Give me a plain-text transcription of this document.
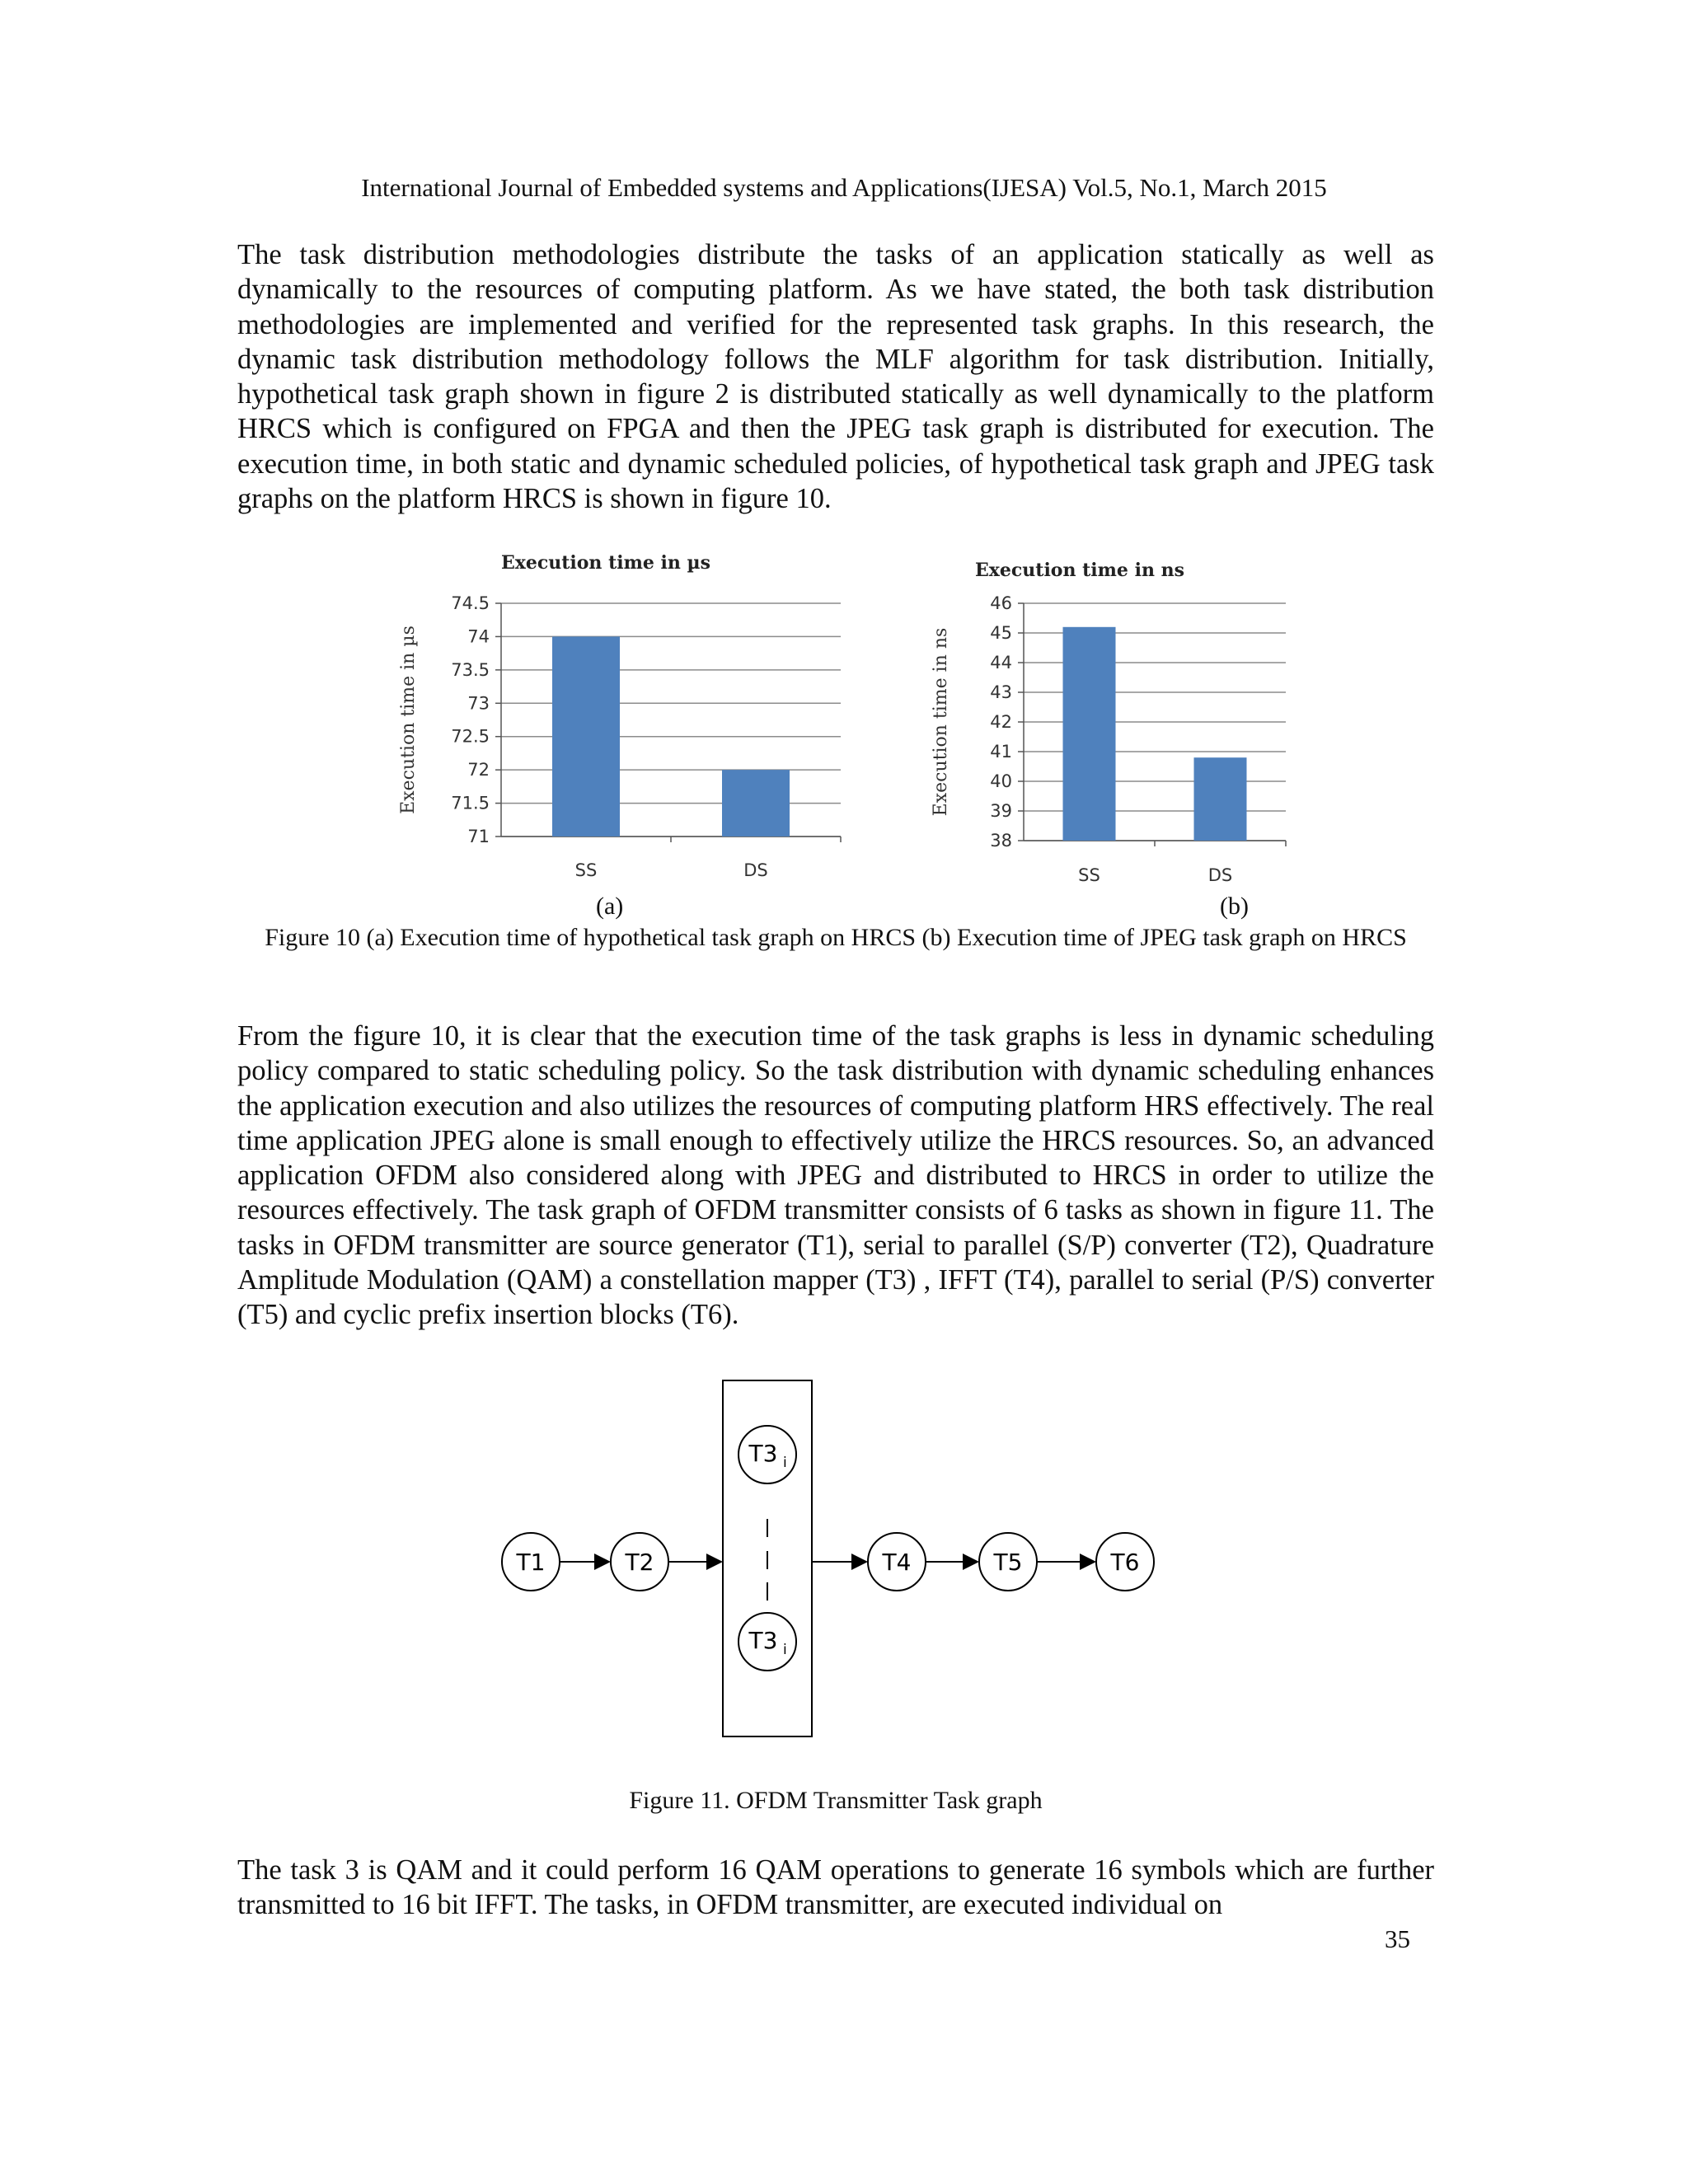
International Journal of Embedded systems and Applications(IJESA) Vol.5, No.1, March 2015

The task distribution methodologies distribute the tasks of an application statically as well as dynamically to the resources of computing platform. As we have stated, the both task distribution methodologies are implemented and verified for the represented task graphs. In this research, the dynamic task distribution methodology follows the MLF algorithm for task distribution. Initially, hypothetical task graph shown in figure 2 is distributed statically as well dynamically to the platform HRCS which is configured on FPGA and then the JPEG task graph is distributed for execution. The execution time, in both static and dynamic scheduled policies, of hypothetical task graph and JPEG task graphs on the platform HRCS is shown in figure 10.

Execution time in µs
71
71.5
72
72.5
73
73.5
74
74.5
SS	DS
Execution time in µs
Execution time in ns
38
39
40
41
42
43
44
45
46
SS	DS
Execution time in ns
(a)	(b)
Figure 10 (a) Execution time of hypothetical task graph on HRCS (b) Execution time of JPEG task graph on HRCS

From the figure 10, it is clear that the execution time of the task graphs is less in dynamic scheduling policy compared to static scheduling policy. So the task distribution with dynamic scheduling enhances the application execution and also utilizes the resources of computing platform HRS effectively. The real time application JPEG alone is small enough to effectively utilize the HRCS resources. So, an advanced application OFDM also considered along with JPEG and distributed to HRCS in order to utilize the resources effectively. The task graph of OFDM transmitter consists of 6 tasks as shown in figure 11. The tasks in OFDM transmitter are source generator (T1), serial to parallel (S/P) converter (T2), Quadrature Amplitude Modulation (QAM) a constellation mapper (T3) , IFFT (T4), parallel to serial (P/S) converter (T5) and cyclic prefix insertion blocks (T6).

T1	T2
T3 i
T3 i
T4	T5	T6
Figure 11. OFDM Transmitter Task graph

The task 3 is QAM and it could perform 16 QAM operations to generate 16 symbols which are further transmitted to 16 bit IFFT. The tasks, in OFDM transmitter, are executed individual on

35
